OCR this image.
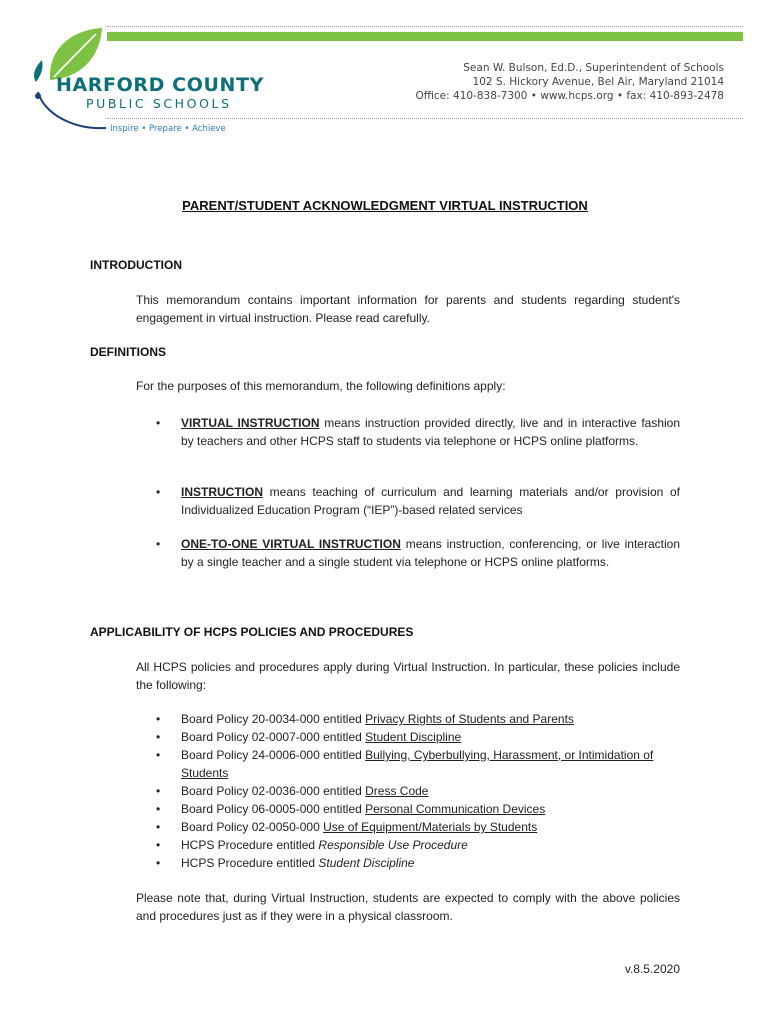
HARFORD COUNTY
PUBLIC SCHOOLS
Inspire • Prepare • Achieve
Sean W. Bulson, Ed.D., Superintendent of Schools
102 S. Hickory Avenue, Bel Air, Maryland 21014
Office: 410-838-7300 • www.hcps.org • fax: 410-893-2478
PARENT/STUDENT ACKNOWLEDGMENT VIRTUAL INSTRUCTION
INTRODUCTION
This memorandum contains important information for parents and students regarding student's engagement in virtual instruction. Please read carefully.
DEFINITIONS
For the purposes of this memorandum, the following definitions apply:
• VIRTUAL INSTRUCTION means instruction provided directly, live and in interactive fashion by teachers and other HCPS staff to students via telephone or HCPS online platforms.
• INSTRUCTION means teaching of curriculum and learning materials and/or provision of Individualized Education Program (“IEP”)-based related services
• ONE-TO-ONE VIRTUAL INSTRUCTION means instruction, conferencing, or live interaction by a single teacher and a single student via telephone or HCPS online platforms.
APPLICABILITY OF HCPS POLICIES AND PROCEDURES
All HCPS policies and procedures apply during Virtual Instruction. In particular, these policies include the following:
• Board Policy 20-0034-000 entitled Privacy Rights of Students and Parents
• Board Policy 02-0007-000 entitled Student Discipline
• Board Policy 24-0006-000 entitled Bullying, Cyberbullying, Harassment, or Intimidation of Students
• Board Policy 02-0036-000 entitled Dress Code
• Board Policy 06-0005-000 entitled Personal Communication Devices
• Board Policy 02-0050-000 Use of Equipment/Materials by Students
• HCPS Procedure entitled Responsible Use Procedure
• HCPS Procedure entitled Student Discipline
Please note that, during Virtual Instruction, students are expected to comply with the above policies and procedures just as if they were in a physical classroom.
v.8.5.2020
